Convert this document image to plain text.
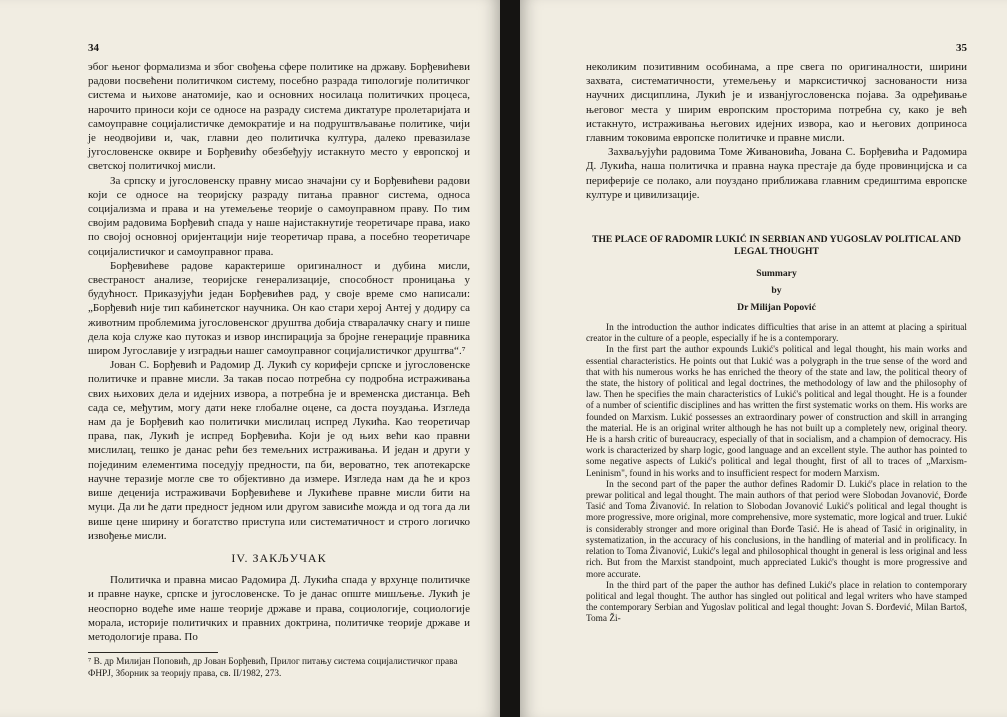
34

эбог њеног формализма и због свођења сфере политике на државу. Борђевићеви радови посвећени политичком систему, посебно разрада типологије политичког система и њихове анатомије, као и основних носилаца политичких процеса, нарочито приноси који се односе на разраду система диктатуре пролетаријата и самоуправне социјалистичке демократије и на подруштвљавање политике, чији је неодвојиви и, чак, главни део политичка култура, далеко превазилазе југословенске оквире и Борђевићу обезбеђују истакнуто место у европској и светској политичкој мисли.

За српску и југословенску правну мисао значајни су и Борђевићеви радови који се односе на теоријску разраду питања правног система, односа социјализма и права и на утемељење теорије о самоуправном праву. По тим својим радовима Борђевић спада у наше најистакнутије теоретичаре права, иако по својој основној оријентацији није теоретичар права, а посебно теоретичаре социјалистичког и самоуправног права.

Борђевићеве радове карактерише оригиналност и дубина мисли, свестраност анализе, теоријске генерализације, способност проницања у будућност. Приказујући један Борђевићев рад, у своје време смо написали: „Борђевић није тип кабинетског научника. Он као стари херој Антеј у додиру са животним проблемима југословенског друштва добија стваралачку снагу и пише дела која служе као путоказ и извор инспирација за бројне генерације правника широм Југославије у изградњи нашег самоуправног социјалистичког друштва“.⁷

Јован С. Борђевић и Радомир Д. Лукић су корифеји српске и југословенске политичке и правне мисли. За такав посао потребна су подробна истраживања свих њихових дела и идејних извора, а потребна је и временска дистанца. Већ сада се, међутим, могу дати неке глобалне оцене, са доста поуздања. Изгледа нам да је Борђевић као политички мислилац испред Лукића. Као теоретичар права, пак, Лукић је испред Борђевића. Који је од њих већи као правни мислилац, тешко је данас рећи без темељних истраживања. И један и други у појединим елементима поседују предности, па би, вероватно, тек апотекарске научне теразије могле све то објективно да измере. Изгледа нам да ће и кроз више деценија истраживачи Борђевићеве и Лукићеве правне мисли бити на муци. Да ли ће дати предност једном или другом зависиће можда и од тога да ли више цене ширину и богатство приступа или систематичност и строго логичко извођење мисли.

IV. ЗАКЉУЧАК

Политичка и правна мисао Радомира Д. Лукића спада у врхунце политичке и правне науке, српске и југословенске. То је данас опште мишљење. Лукић је неоспорно водеће име наше теорије државе и права, социологије, социологије морала, историје политичких и правних доктрина, политичке теорије државе и методологије права. По

⁷ В. др Милијан Поповић, др Јован Борђевић, Прилог питању система социјалистичког права ФНРЈ, Зборник за теорију права, св. II/1982, 273.
35

неколиким позитивним особинама, а пре свега по оригиналности, ширини захвата, систематичности, утемељењу и марксистичкој заснованости низа научних дисциплина, Лукић је и изванјугословенска појава. За одређивање његовог места у ширим европским просторима потребна су, како је већ истакнуто, истраживања његових идејних извора, као и његових доприноса главним токовима европске политичке и правне мисли.

Захваљујући радовима Томе Живановића, Јована С. Борђевића и Радомира Д. Лукића, наша политичка и правна наука престаје да буде провинцијска и са периферије се полако, али поуздано приближава главним средиштима европске културе и цивилизације.

THE PLACE OF RADOMIR LUKIĆ IN SERBIAN AND YUGOSLAV POLITICAL AND LEGAL THOUGHT
Summary
by
Dr Milijan Popović

In the introduction the author indicates difficulties that arise in an attemt at placing a spiritual creator in the culture of a people, especially if he is a contemporary.

In the first part the author expounds Lukić's political and legal thought, his main works and essential characteristics. He points out that Lukić was a polygraph in the true sense of the word and that with his numerous works he has enriched the theory of the state and law, the political theory of the state, the history of political and legal doctrines, the methodology of law and the philosophy of law. Then he specifies the main characteristics of Lukić's political and legal thought. He is a founder of a number of scientific disciplines and has written the first systematic works on them. His works are founded on Marxism. Lukić possesses an extraordinary power of construction and skill in arranging the material. He is an original writer although he has not built up a completely new, original theory. He is a harsh critic of bureaucracy, especially of that in socialism, and a champion of democracy. His work is characterized by sharp logic, good language and an excellent style. The author has pointed to some negative aspects of Lukić's political and legal thought, first of all to traces of „Marxism-Leninism", found in his works and to insufficient respect for modern Marxism.

In the second part of the paper the author defines Radomir D. Lukić's place in relation to the prewar political and legal thought. The main authors of that period were Slobodan Jovanović, Đorđe Tasić and Toma Živanović. In relation to Slobodan Jovanović Lukić's political and legal thought is more progressive, more original, more comprehensive, more systematic, more logical and truer. Lukić is considerably stronger and more original than Đorđe Tasić. He is ahead of Tasić in originality, in systematization, in the accuracy of his conclusions, in the handling of material and in prolificacy. In relation to Toma Živanović, Lukić's legal and philosophical thought in general is less original and less rich. But from the Marxist standpoint, much appreciated Lukić's thought is more progressive and more accurate.

In the third part of the paper the author has defined Lukić's place in relation to contemporary political and legal thought. The author has singled out political and legal writers who have stamped the contemporary Serbian and Yugoslav political and legal thought: Jovan S. Đorđević, Milan Bartoš, Toma Ži-
